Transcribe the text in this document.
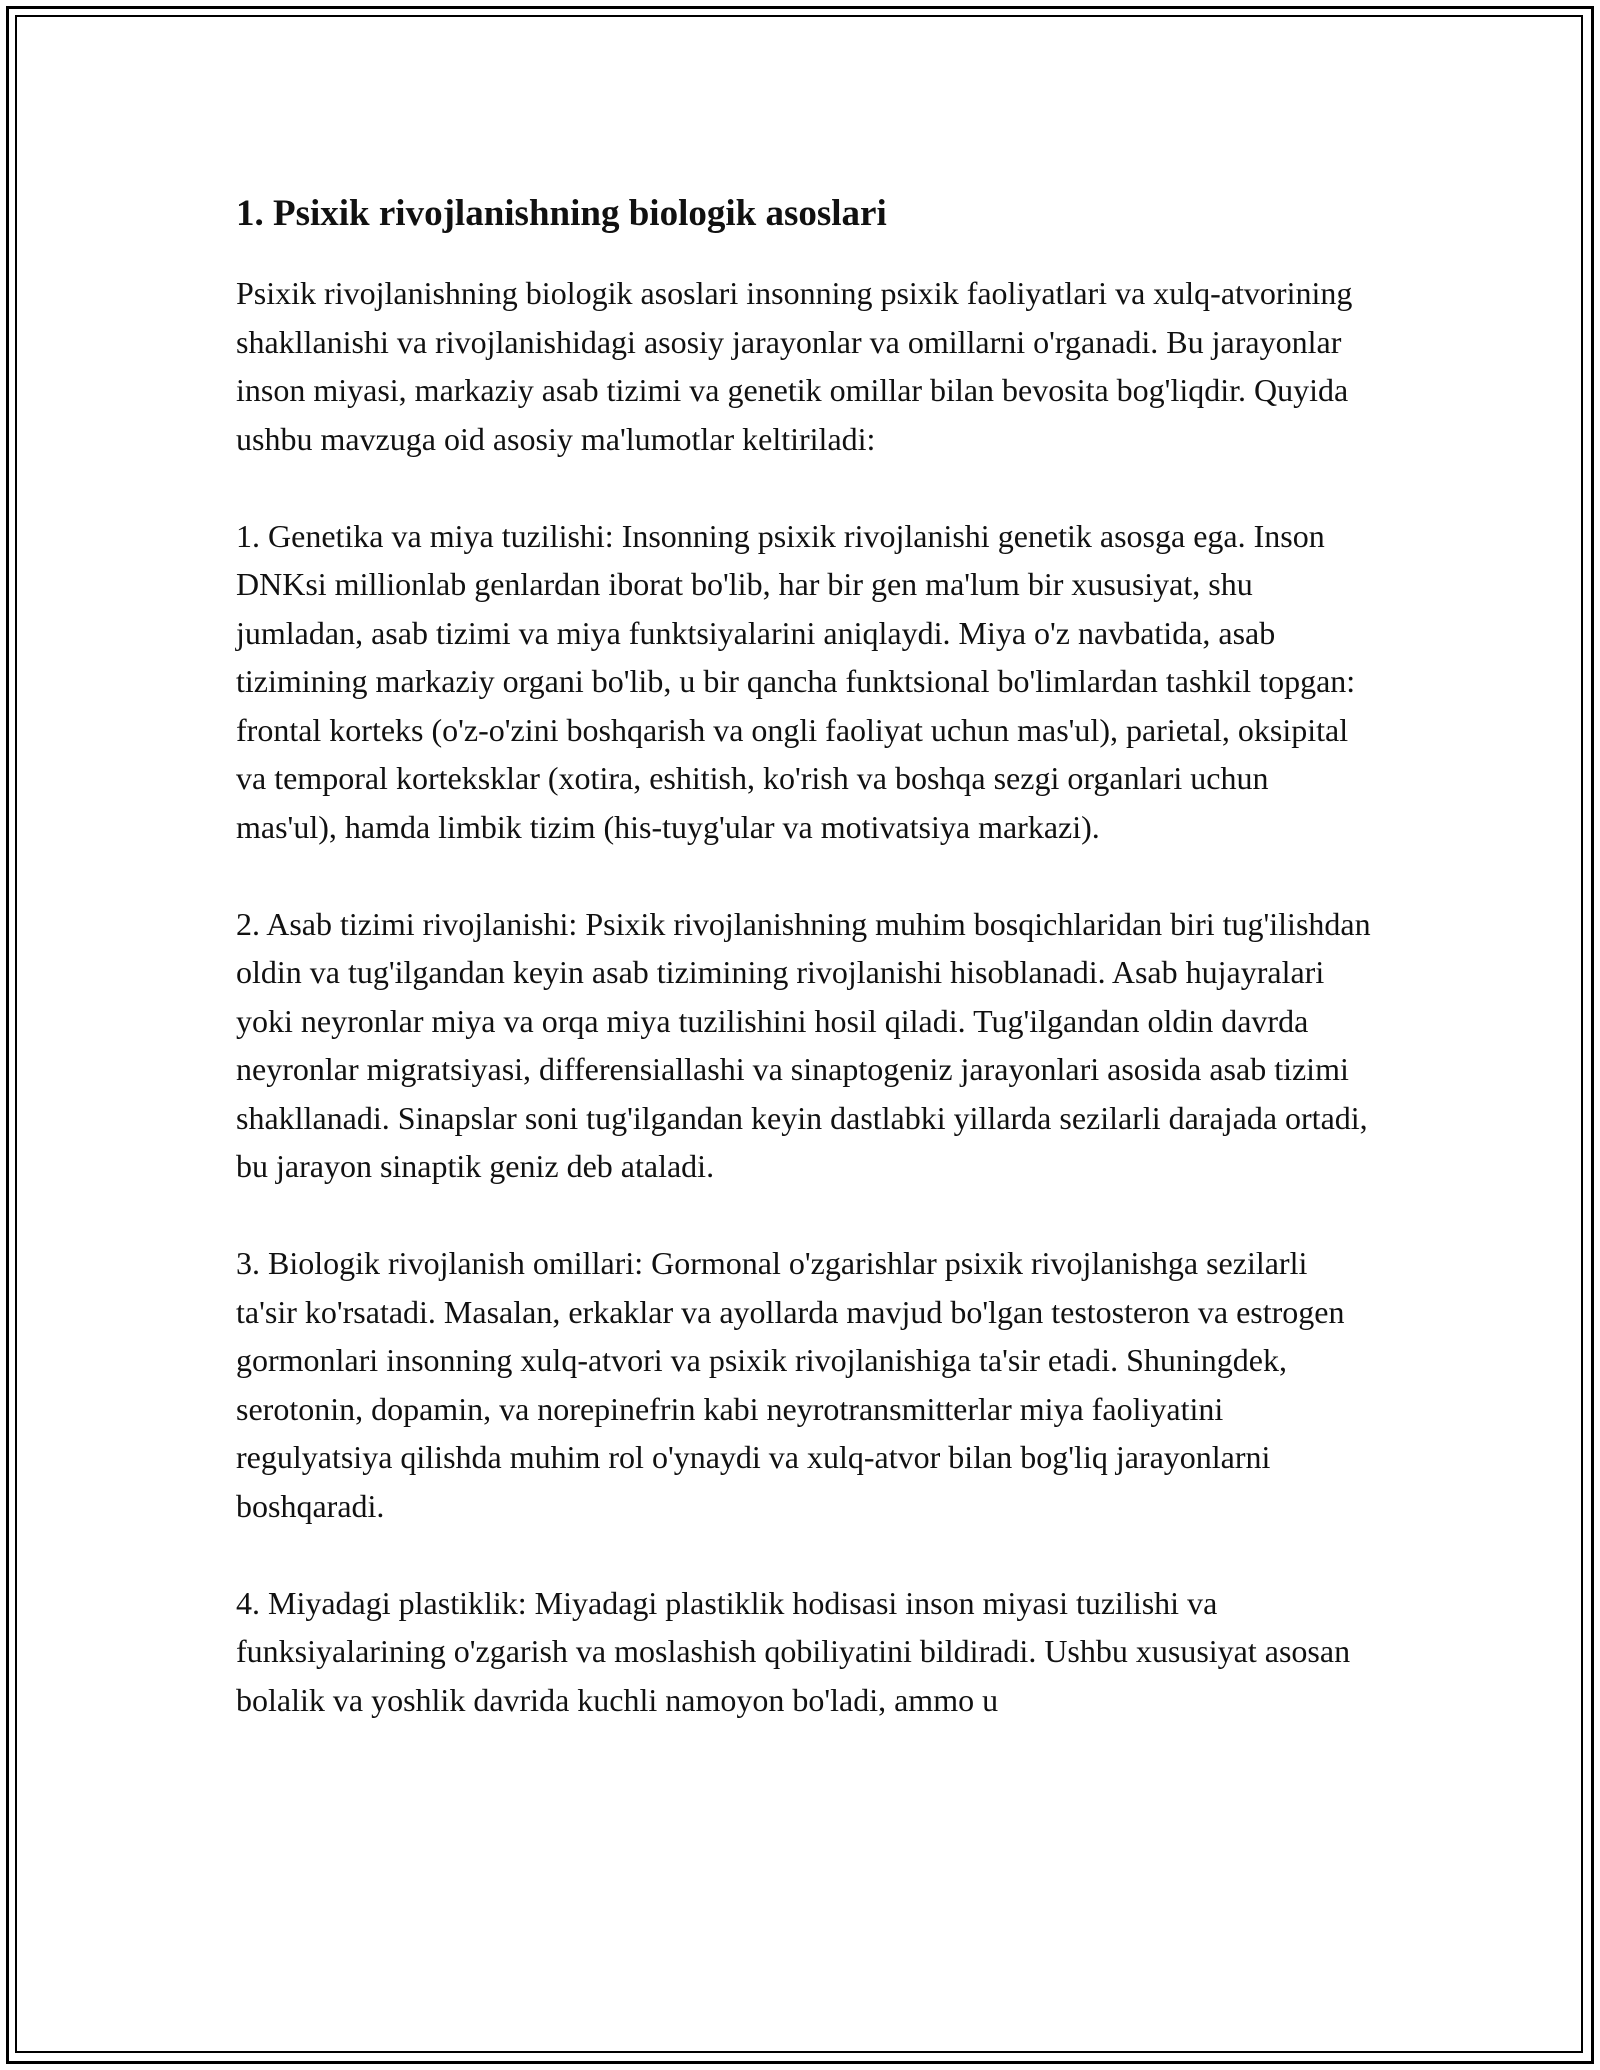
1. Psixik rivojlanishning biologik asoslari

Psixik rivojlanishning biologik asoslari insonning psixik faoliyatlari va xulq-atvorining shakllanishi va rivojlanishidagi asosiy jarayonlar va omillarni o'rganadi. Bu jarayonlar inson miyasi, markaziy asab tizimi va genetik omillar bilan bevosita bog'liqdir. Quyida ushbu mavzuga oid asosiy ma'lumotlar keltiriladi:

1. Genetika va miya tuzilishi: Insonning psixik rivojlanishi genetik asosga ega. Inson DNKsi millionlab genlardan iborat bo'lib, har bir gen ma'lum bir xususiyat, shu jumladan, asab tizimi va miya funktsiyalarini aniqlaydi. Miya o'z navbatida, asab tizimining markaziy organi bo'lib, u bir qancha funktsional bo'limlardan tashkil topgan: frontal korteks (o'z-o'zini boshqarish va ongli faoliyat uchun mas'ul), parietal, oksipital va temporal korteksklar (xotira, eshitish, ko'rish va boshqa sezgi organlari uchun mas'ul), hamda limbik tizim (his-tuyg'ular va motivatsiya markazi).

2. Asab tizimi rivojlanishi: Psixik rivojlanishning muhim bosqichlaridan biri tug'ilishdan oldin va tug'ilgandan keyin asab tizimining rivojlanishi hisoblanadi. Asab hujayralari yoki neyronlar miya va orqa miya tuzilishini hosil qiladi. Tug'ilgandan oldin davrda neyronlar migratsiyasi, differensiallashi va sinaptogeniz jarayonlari asosida asab tizimi shakllanadi. Sinapslar soni tug'ilgandan keyin dastlabki yillarda sezilarli darajada ortadi, bu jarayon sinaptik geniz deb ataladi.

3. Biologik rivojlanish omillari: Gormonal o'zgarishlar psixik rivojlanishga sezilarli ta'sir ko'rsatadi. Masalan, erkaklar va ayollarda mavjud bo'lgan testosteron va estrogen gormonlari insonning xulq-atvori va psixik rivojlanishiga ta'sir etadi. Shuningdek, serotonin, dopamin, va norepinefrin kabi neyrotransmitterlar miya faoliyatini regulyatsiya qilishda muhim rol o'ynaydi va xulq-atvor bilan bog'liq jarayonlarni boshqaradi.

4. Miyadagi plastiklik: Miyadagi plastiklik hodisasi inson miyasi tuzilishi va funksiyalarining o'zgarish va moslashish qobiliyatini bildiradi. Ushbu xususiyat asosan bolalik va yoshlik davrida kuchli namoyon bo'ladi, ammo u
